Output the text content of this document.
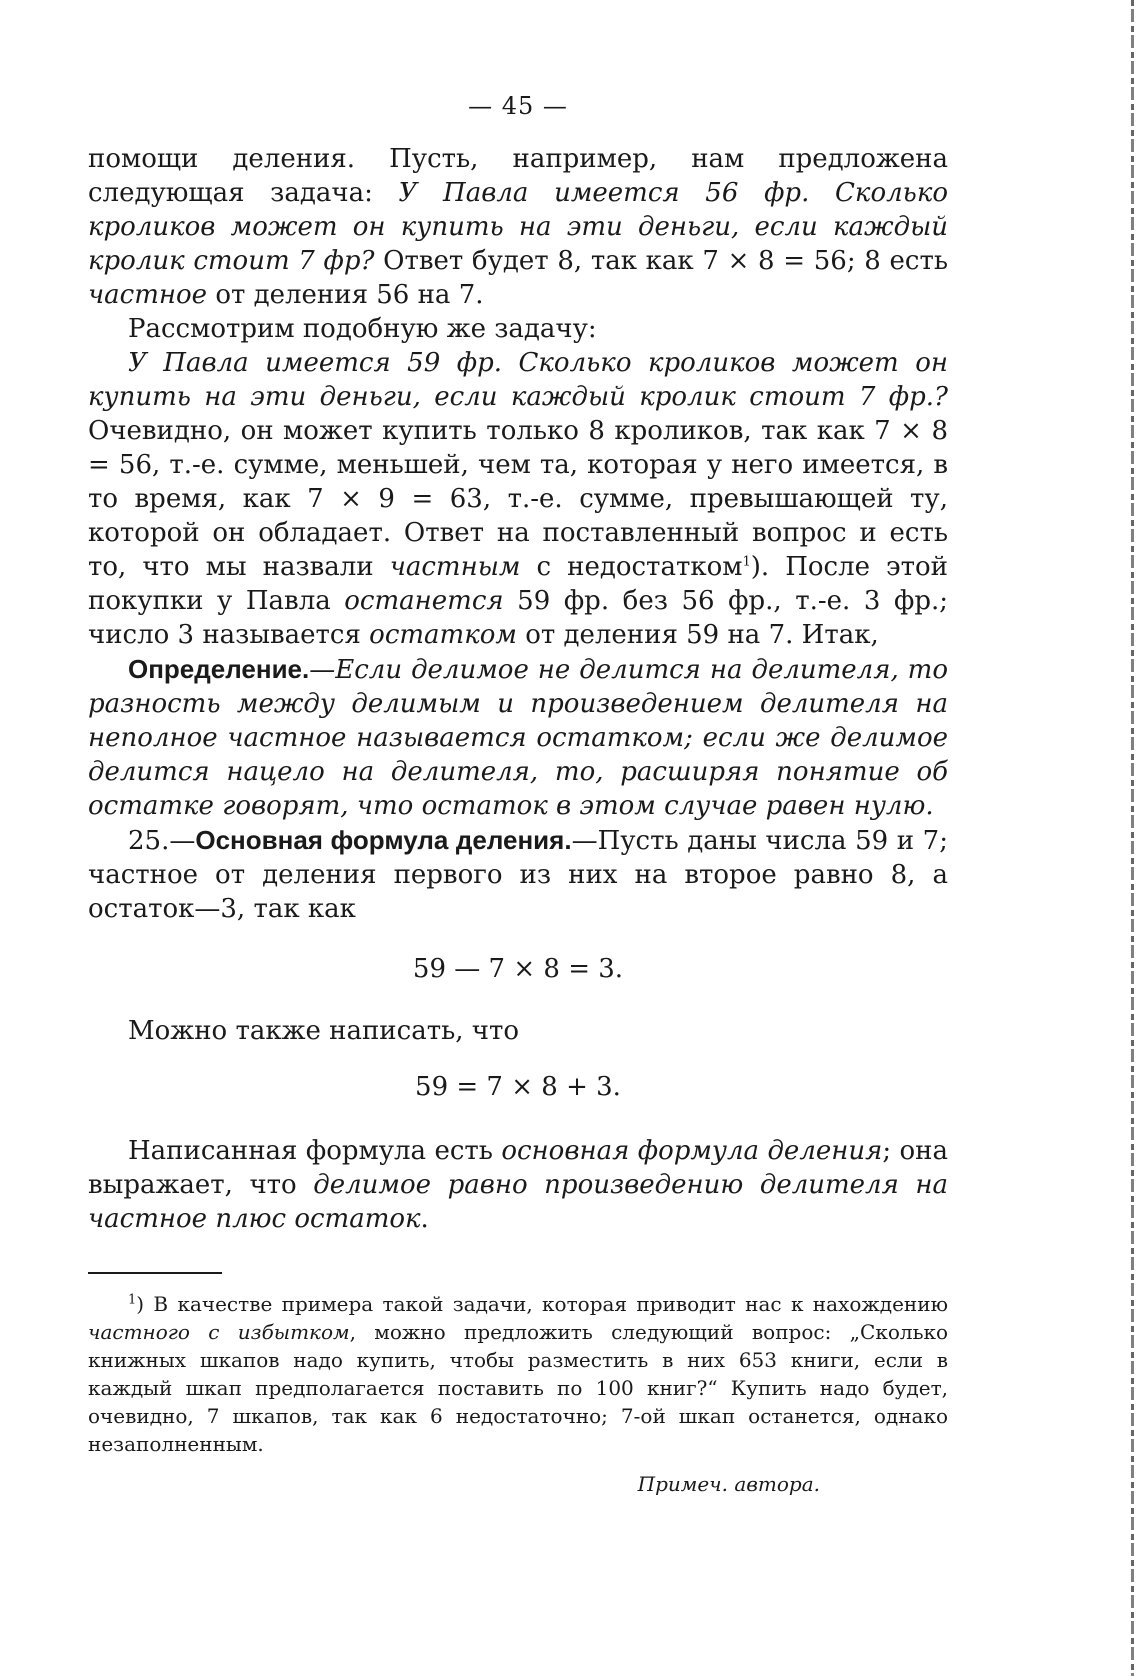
— 45 —

помощи деления. Пусть, например, нам предложена следующая задача: У Павла имеется 56 фр. Сколько кроликов может он купить на эти деньги, если каждый кролик стоит 7 фр? Ответ будет 8, так как 7 × 8 = 56; 8 есть частное от деления 56 на 7.

Рассмотрим подобную же задачу:

У Павла имеется 59 фр. Сколько кроликов может он купить на эти деньги, если каждый кролик стоит 7 фр.? Очевидно, он может купить только 8 кроликов, так как 7 × 8 = 56, т.-е. сумме, меньшей, чем та, которая у него имеется, в то время, как 7 × 9 = 63, т.-е. сумме, превышающей ту, которой он обладает. Ответ на поставленный вопрос и есть то, что мы назвали частным с недостатком$^1$). После этой покупки у Павла останется 59 фр. без 56 фр., т.-е. 3 фр.; число 3 называется остатком от деления 59 на 7. Итак,

Определение.—Если делимое не делится на делителя, то разность между делимым и произведением делителя на неполное частное называется остатком; если же делимое делится нацело на делителя, то, расширяя понятие об остатке говорят, что остаток в этом случае равен нулю.

25.—Основная формула деления.—Пусть даны числа 59 и 7; частное от деления первого из них на второе равно 8, а остаток—3, так как

59 — 7 × 8 = 3.

Можно также написать, что

59 = 7 × 8 + 3.

Написанная формула есть основная формула деления; она выражает, что делимое равно произведению делителя на частное плюс остаток.

$^1$) В качестве примера такой задачи, которая приводит нас к нахождению частного с избытком, можно предложить следующий вопрос: „Сколько книжных шкапов надо купить, чтобы разместить в них 653 книги, если в каждый шкап предполагается поставить по 100 книг?“ Купить надо будет, очевидно, 7 шкапов, так как 6 недостаточно; 7-ой шкап останется, однако незаполненным.

Примеч. автора.
